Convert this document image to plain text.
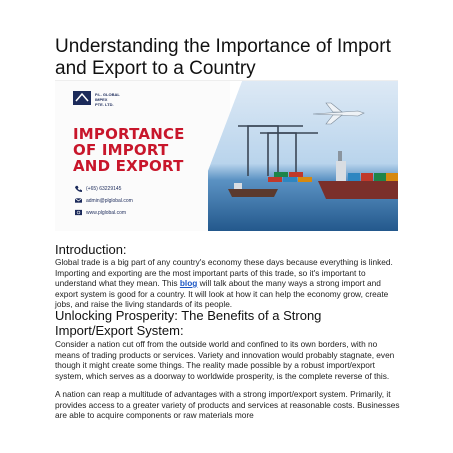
Understanding the Importance of Import and Export to a Country
P.L. GLOBAL
IMPEX
PTE. LTD.
IMPORTANCE
OF IMPORT
AND EXPORT
(+65) 63229145
admin@plglobal.com
www.plglobal.com
Introduction:

Global trade is a big part of any country's economy these days because everything is linked. Importing and exporting are the most important parts of this trade, so it's important to understand what they mean. This blog will talk about the many ways a strong import and export system is good for a country. It will look at how it can help the economy grow, create jobs, and raise the living standards of its people.

Unlocking Prosperity: The Benefits of a Strong Import/Export System:

Consider a nation cut off from the outside world and confined to its own borders, with no means of trading products or services. Variety and innovation would probably stagnate, even though it might create some things. The reality made possible by a robust import/export system, which serves as a doorway to worldwide prosperity, is the complete reverse of this.

A nation can reap a multitude of advantages with a strong import/export system. Primarily, it provides access to a greater variety of products and services at reasonable costs. Businesses are able to acquire components or raw materials more
